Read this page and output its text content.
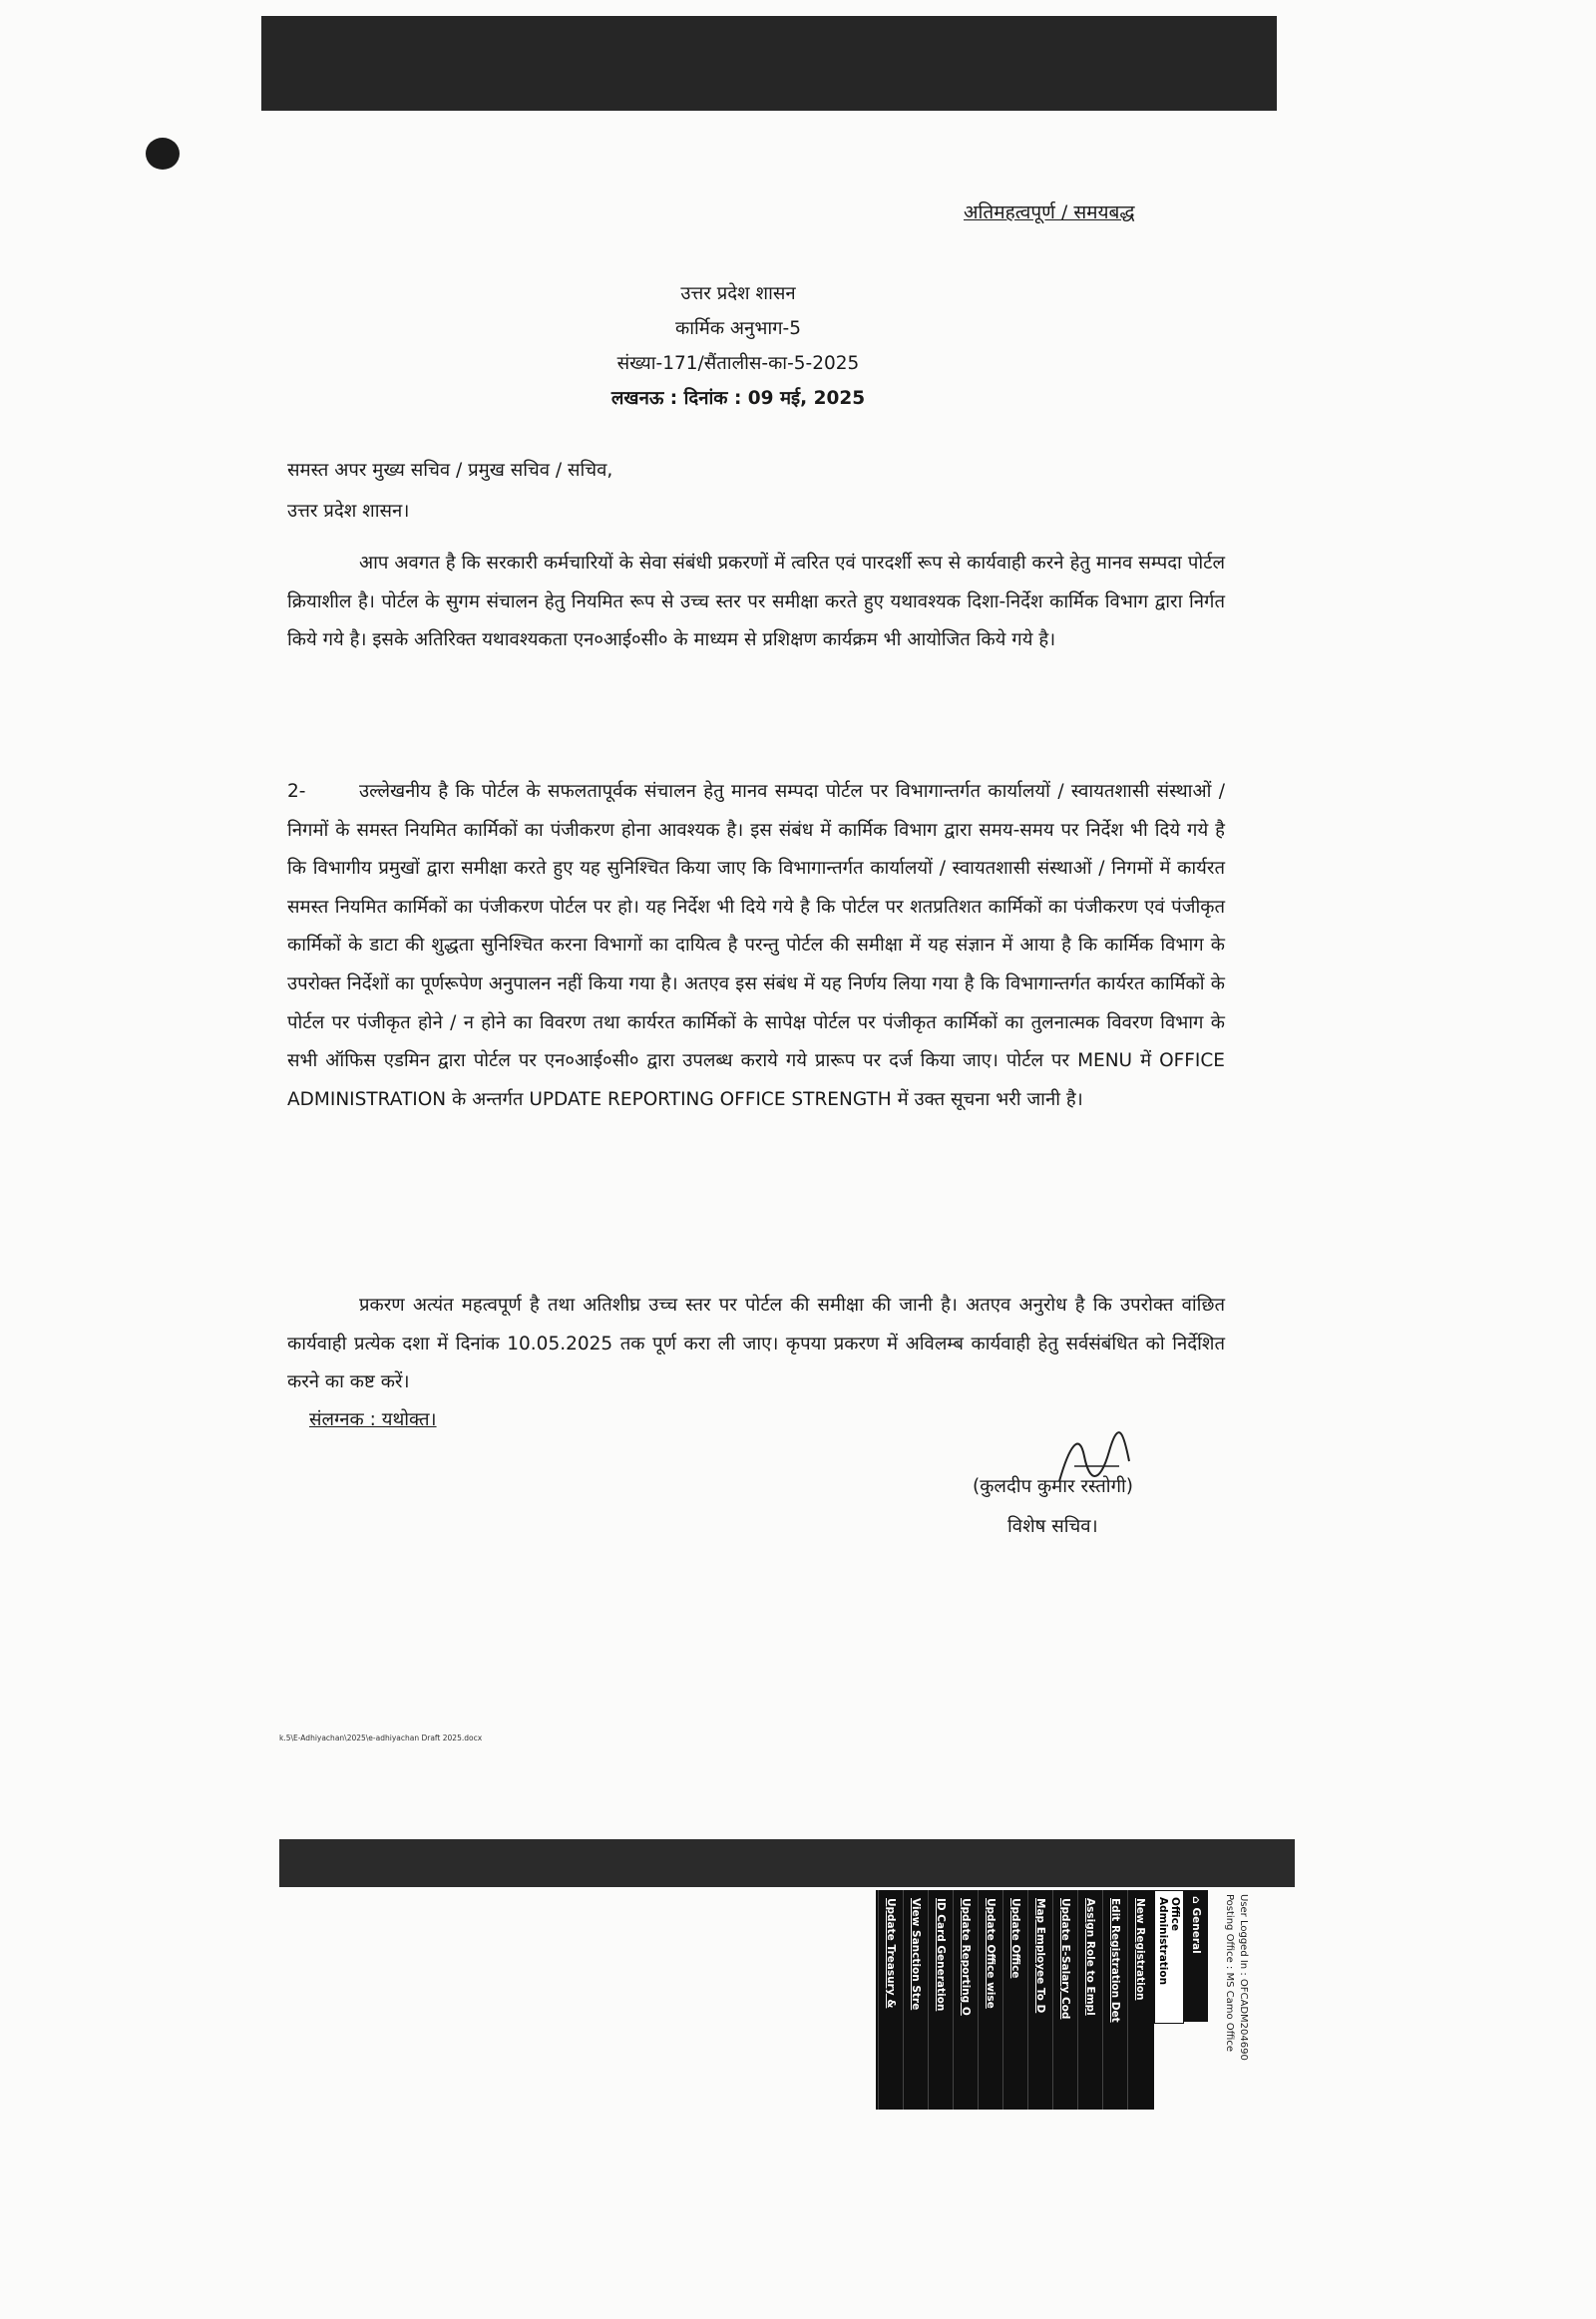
अतिमहत्वपूर्ण / समयबद्ध
उत्तर प्रदेश शासन
कार्मिक अनुभाग-5
संख्या-171/सैंतालीस-का-5-2025
लखनऊ : दिनांक : 09 मई, 2025
समस्त अपर मुख्य सचिव / प्रमुख सचिव / सचिव,
उत्तर प्रदेश शासन।

आप अवगत है कि सरकारी कर्मचारियों के सेवा संबंधी प्रकरणों में त्वरित एवं पारदर्शी रूप से कार्यवाही करने हेतु मानव सम्पदा पोर्टल क्रियाशील है। पोर्टल के सुगम संचालन हेतु नियमित रूप से उच्च स्तर पर समीक्षा करते हुए यथावश्यक दिशा-निर्देश कार्मिक विभाग द्वारा निर्गत किये गये है। इसके अतिरिक्त यथावश्यकता एन०आई०सी० के माध्यम से प्रशिक्षण कार्यक्रम भी आयोजित किये गये है।

2-	उल्लेखनीय है कि पोर्टल के सफलतापूर्वक संचालन हेतु मानव सम्पदा पोर्टल पर विभागान्तर्गत कार्यालयों / स्वायतशासी संस्थाओं / निगमों के समस्त नियमित कार्मिकों का पंजीकरण होना आवश्यक है। इस संबंध में कार्मिक विभाग द्वारा समय-समय पर निर्देश भी दिये गये है कि विभागीय प्रमुखों द्वारा समीक्षा करते हुए यह सुनिश्चित किया जाए कि विभागान्तर्गत कार्यालयों / स्वायतशासी संस्थाओं / निगमों में कार्यरत समस्त नियमित कार्मिकों का पंजीकरण पोर्टल पर हो। यह निर्देश भी दिये गये है कि पोर्टल पर शतप्रतिशत कार्मिकों का पंजीकरण एवं पंजीकृत कार्मिकों के डाटा की शुद्धता सुनिश्चित करना विभागों का दायित्व है परन्तु पोर्टल की समीक्षा में यह संज्ञान में आया है कि कार्मिक विभाग के उपरोक्त निर्देशों का पूर्णरूपेण अनुपालन नहीं किया गया है। अतएव इस संबंध में यह निर्णय लिया गया है कि विभागान्तर्गत कार्यरत कार्मिकों के पोर्टल पर पंजीकृत होने / न होने का विवरण तथा कार्यरत कार्मिकों के सापेक्ष पोर्टल पर पंजीकृत कार्मिकों का तुलनात्मक विवरण विभाग के सभी ऑफिस एडमिन द्वारा पोर्टल पर एन०आई०सी० द्वारा उपलब्ध कराये गये प्रारूप पर दर्ज किया जाए। पोर्टल पर MENU में OFFICE ADMINISTRATION के अन्तर्गत UPDATE REPORTING OFFICE STRENGTH में उक्त सूचना भरी जानी है।

प्रकरण अत्यंत महत्वपूर्ण है तथा अतिशीघ्र उच्च स्तर पर पोर्टल की समीक्षा की जानी है। अतएव अनुरोध है कि उपरोक्त वांछित कार्यवाही प्रत्येक दशा में दिनांक 10.05.2025 तक पूर्ण करा ली जाए। कृपया प्रकरण में अविलम्ब कार्यवाही हेतु सर्वसंबंधित को निर्देशित करने का कष्ट करें।

संलग्नक : यथोक्त।
(कुलदीप कुमार रस्तोगी)
विशेष सचिव।
k.5\E-Adhiyachan\2025\e-adhiyachan Draft 2025.docx
User Logged In : OFCADM204690
Posting Office : MS Camo Office
⌂
General
Office Administration
New Registration
Edit Registration Det
Assign Role to Empl
Update E-Salary Cod
Map Employee To D
Update Office
Update Office wise
Update Reporting O
ID Card Generation
View Sanction Stre
Update Treasury &
